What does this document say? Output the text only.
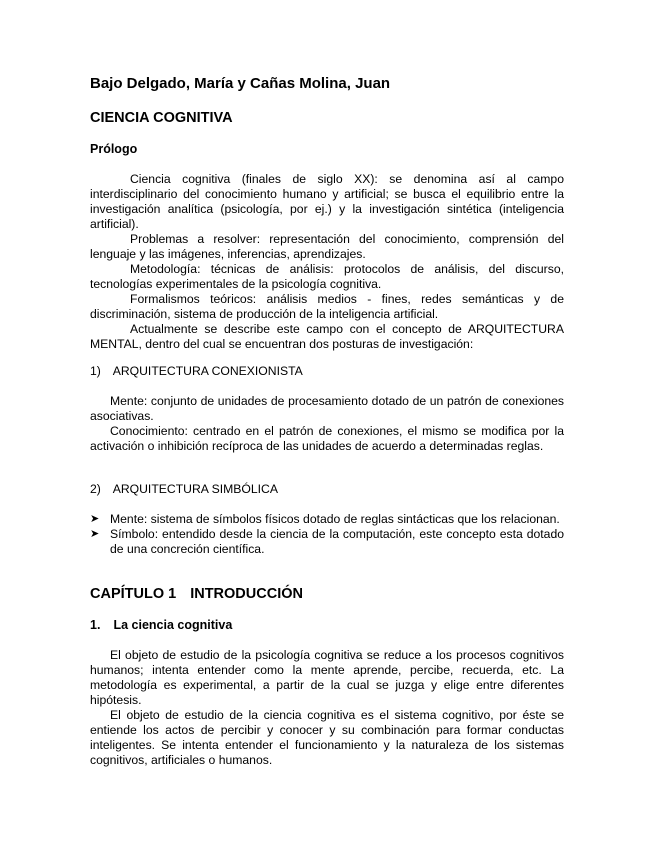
Bajo Delgado, María y Cañas Molina, Juan
CIENCIA COGNITIVA
Prólogo

Ciencia cognitiva (finales de siglo XX): se denomina así al campo interdisciplinario del conocimiento humano y artificial; se busca el equilibrio entre la investigación analítica (psicología, por ej.) y la investigación sintética (inteligencia artificial).

Problemas a resolver: representación del conocimiento, comprensión del lenguaje y las imágenes, inferencias, aprendizajes.

Metodología: técnicas de análisis: protocolos de análisis, del discurso, tecnologías experimentales de la psicología cognitiva.

Formalismos teóricos: análisis medios - fines, redes semánticas y de discriminación, sistema de producción de la inteligencia artificial.

Actualmente se describe este campo con el concepto de ARQUITECTURA MENTAL, dentro del cual se encuentran dos posturas de investigación:

1) ARQUITECTURA CONEXIONISTA

Mente: conjunto de unidades de procesamiento dotado de un patrón de conexiones asociativas.

Conocimiento: centrado en el patrón de conexiones, el mismo se modifica por la activación o inhibición recíproca de las unidades de acuerdo a determinadas reglas.

2) ARQUITECTURA SIMBÓLICA
➤ Mente: sistema de símbolos físicos dotado de reglas sintácticas que los relacionan.
➤ Símbolo: entendido desde la ciencia de la computación, este concepto esta dotado de una concreción científica.
CAPÍTULO 1 INTRODUCCIÓN
1. La ciencia cognitiva

El objeto de estudio de la psicología cognitiva se reduce a los procesos cognitivos humanos; intenta entender como la mente aprende, percibe, recuerda, etc. La metodología es experimental, a partir de la cual se juzga y elige entre diferentes hipótesis.

El objeto de estudio de la ciencia cognitiva es el sistema cognitivo, por éste se entiende los actos de percibir y conocer y su combinación para formar conductas inteligentes. Se intenta entender el funcionamiento y la naturaleza de los sistemas cognitivos, artificiales o humanos.
